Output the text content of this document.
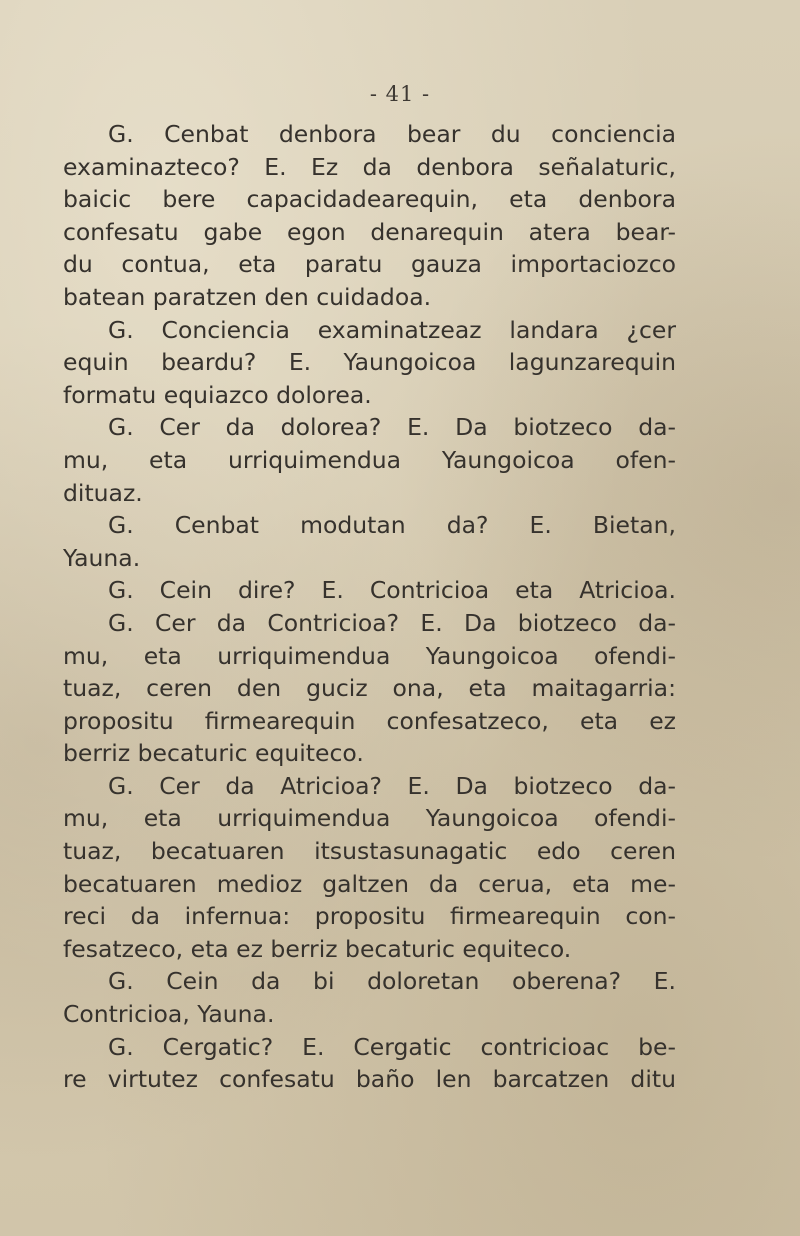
- 41 -
G. Cenbat denbora bear du conciencia
examinazteco? E. Ez da denbora señalaturic,
baicic bere capacidadearequin, eta denbora
confesatu gabe egon denarequin atera bear-
du contua, eta paratu gauza importaciozco
batean paratzen den cuidadoa.
G. Conciencia examinatzeaz landara ¿cer
equin beardu? E. Yaungoicoa lagunzarequin
formatu equiazco dolorea.
G. Cer da dolorea? E. Da biotzeco da-
mu, eta urriquimendua Yaungoicoa ofen-
dituaz.
G. Cenbat modutan da? E. Bietan,
Yauna.
G. Cein dire? E. Contricioa eta Atricioa.
G. Cer da Contricioa? E. Da biotzeco da-
mu, eta urriquimendua Yaungoicoa ofendi-
tuaz, ceren den guciz ona, eta maitagarria:
propositu firmearequin confesatzeco, eta ez
berriz becaturic equiteco.
G. Cer da Atricioa? E. Da biotzeco da-
mu, eta urriquimendua Yaungoicoa ofendi-
tuaz, becatuaren itsustasunagatic edo ceren
becatuaren medioz galtzen da cerua, eta me-
reci da infernua: propositu firmearequin con-
fesatzeco, eta ez berriz becaturic equiteco.
G. Cein da bi doloretan oberena? E.
Contricioa, Yauna.
G. Cergatic? E. Cergatic contricioac be-
re virtutez confesatu baño len barcatzen ditu
